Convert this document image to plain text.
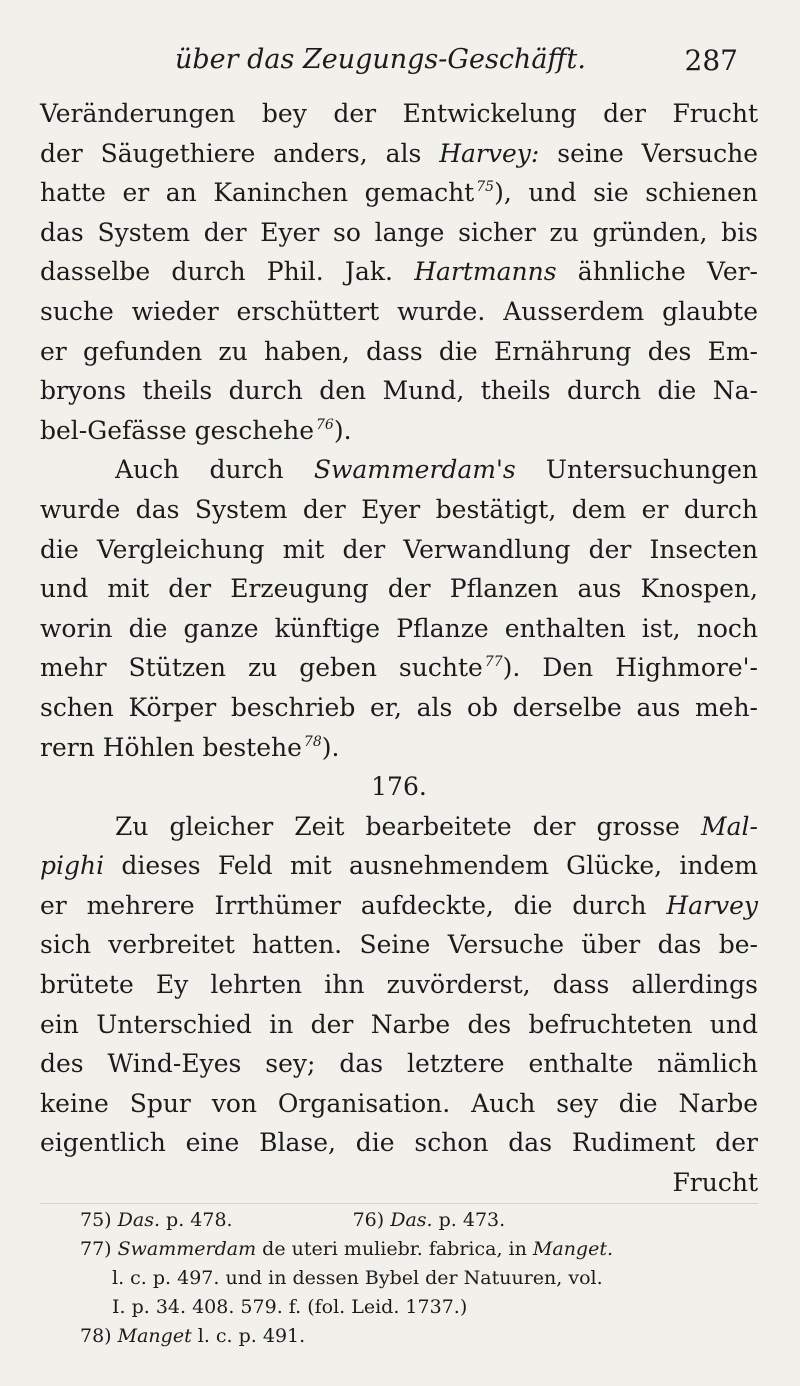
über das Zeugungs-Geschäfft.	287
Veränderungen bey der Entwickelung der Frucht
der Säugethiere anders, als Harvey: seine Versuche
hatte er an Kaninchen gemacht $^{75}$), und sie schienen
das System der Eyer so lange sicher zu gründen, bis
dasselbe durch Phil. Jak. Hartmanns ähnliche Ver-
suche wieder erschüttert wurde. Ausserdem glaubte
er gefunden zu haben, dass die Ernährung des Em-
bryons theils durch den Mund, theils durch die Na-
bel-Gefässe geschehe $^{76}$).
Auch durch Swammerdam's Untersuchungen
wurde das System der Eyer bestätigt, dem er durch
die Vergleichung mit der Verwandlung der Insecten
und mit der Erzeugung der Pflanzen aus Knospen,
worin die ganze künftige Pflanze enthalten ist, noch
mehr Stützen zu geben suchte $^{77}$). Den Highmore'-
schen Körper beschrieb er, als ob derselbe aus meh-
rern Höhlen bestehe $^{78}$).
176.
Zu gleicher Zeit bearbeitete der grosse Mal-
pighi dieses Feld mit ausnehmendem Glücke, indem
er mehrere Irrthümer aufdeckte, die durch Harvey
sich verbreitet hatten. Seine Versuche über das be-
brütete Ey lehrten ihn zuvörderst, dass allerdings
ein Unterschied in der Narbe des befruchteten und
des Wind-Eyes sey; das letztere enthalte nämlich
keine Spur von Organisation. Auch sey die Narbe
eigentlich eine Blase, die schon das Rudiment der
Frucht
75) Das. p. 478.	76) Das. p. 473.
77) Swammerdam de uteri muliebr. fabrica, in Manget.
l. c. p. 497. und in dessen Bybel der Natuuren, vol.
I. p. 34. 408. 579. f. (fol. Leid. 1737.)
78) Manget l. c. p. 491.
